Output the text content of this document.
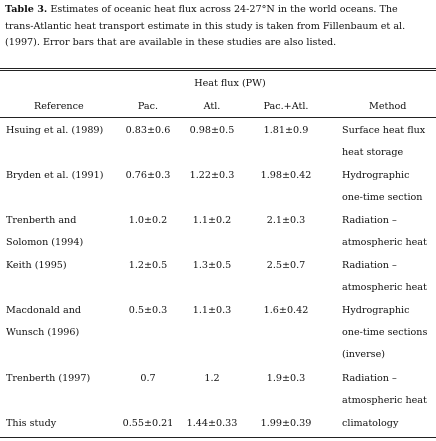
Table 3. Estimates of oceanic heat flux across 24-27°N in the world oceans. The
trans-Atlantic heat transport estimate in this study is taken from Fillenbaum et al.
(1997). Error bars that are available in these studies are also listed.
Heat flux (PW)
Reference	Pac.	Atl.	Pac.+Atl.	Method
Hsuing et al. (1989)	0.83±0.6	0.98±0.5	1.81±0.9	Surface heat flux
heat storage
Bryden et al. (1991)	0.76±0.3	1.22±0.3	1.98±0.42	Hydrographic
one-time section
Trenberth and
Solomon (1994)
1.0±0.2	1.1±0.2	2.1±0.3	Radiation –
atmospheric heat
Keith (1995)	1.2±0.5	1.3±0.5	2.5±0.7	Radiation –
atmospheric heat
Macdonald and
Wunsch (1996)
0.5±0.3	1.1±0.3	1.6±0.42	Hydrographic
one-time sections
(inverse)
Trenberth (1997)	0.7	1.2	1.9±0.3	Radiation –
atmospheric heat
This study	0.55±0.21	1.44±0.33	1.99±0.39	climatology
